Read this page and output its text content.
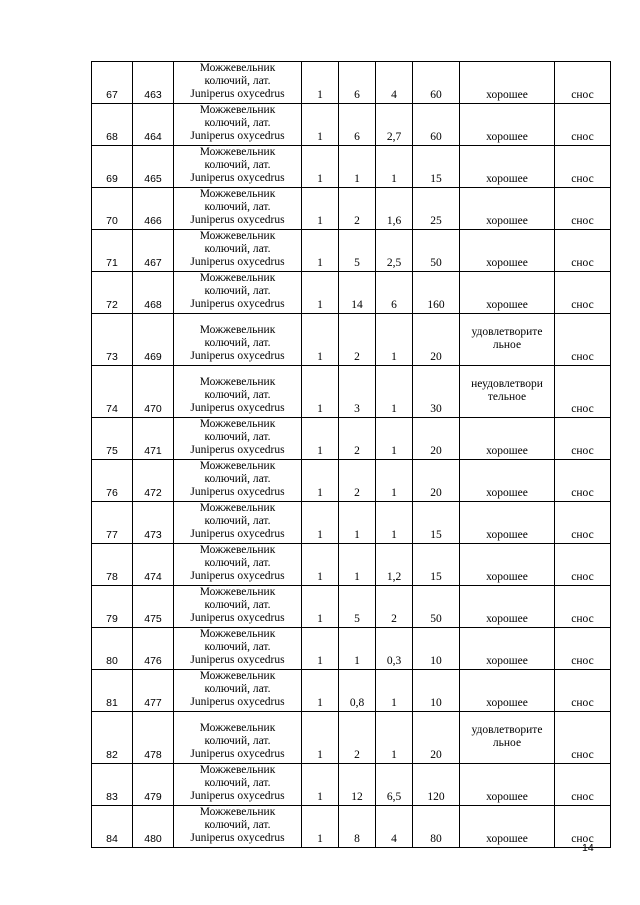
67	463	Можжевельник
колючий, лат.
Juniperus oxycedrus	1	6	4	60	хорошее	снос
68	464	Можжевельник
колючий, лат.
Juniperus oxycedrus	1	6	2,7	60	хорошее	снос
69	465	Можжевельник
колючий, лат.
Juniperus oxycedrus	1	1	1	15	хорошее	снос
70	466	Можжевельник
колючий, лат.
Juniperus oxycedrus	1	2	1,6	25	хорошее	снос
71	467	Можжевельник
колючий, лат.
Juniperus oxycedrus	1	5	2,5	50	хорошее	снос
72	468	Можжевельник
колючий, лат.
Juniperus oxycedrus	1	14	6	160	хорошее	снос
73	469	Можжевельник
колючий, лат.
Juniperus oxycedrus	1	2	1	20	удовлетворите
льное	снос
74	470	Можжевельник
колючий, лат.
Juniperus oxycedrus	1	3	1	30	неудовлетвори
тельное	снос
75	471	Можжевельник
колючий, лат.
Juniperus oxycedrus	1	2	1	20	хорошее	снос
76	472	Можжевельник
колючий, лат.
Juniperus oxycedrus	1	2	1	20	хорошее	снос
77	473	Можжевельник
колючий, лат.
Juniperus oxycedrus	1	1	1	15	хорошее	снос
78	474	Можжевельник
колючий, лат.
Juniperus oxycedrus	1	1	1,2	15	хорошее	снос
79	475	Можжевельник
колючий, лат.
Juniperus oxycedrus	1	5	2	50	хорошее	снос
80	476	Можжевельник
колючий, лат.
Juniperus oxycedrus	1	1	0,3	10	хорошее	снос
81	477	Можжевельник
колючий, лат.
Juniperus oxycedrus	1	0,8	1	10	хорошее	снос
82	478	Можжевельник
колючий, лат.
Juniperus oxycedrus	1	2	1	20	удовлетворите
льное	снос
83	479	Можжевельник
колючий, лат.
Juniperus oxycedrus	1	12	6,5	120	хорошее	снос
84	480	Можжевельник
колючий, лат.
Juniperus oxycedrus	1	8	4	80	хорошее	снос
14
